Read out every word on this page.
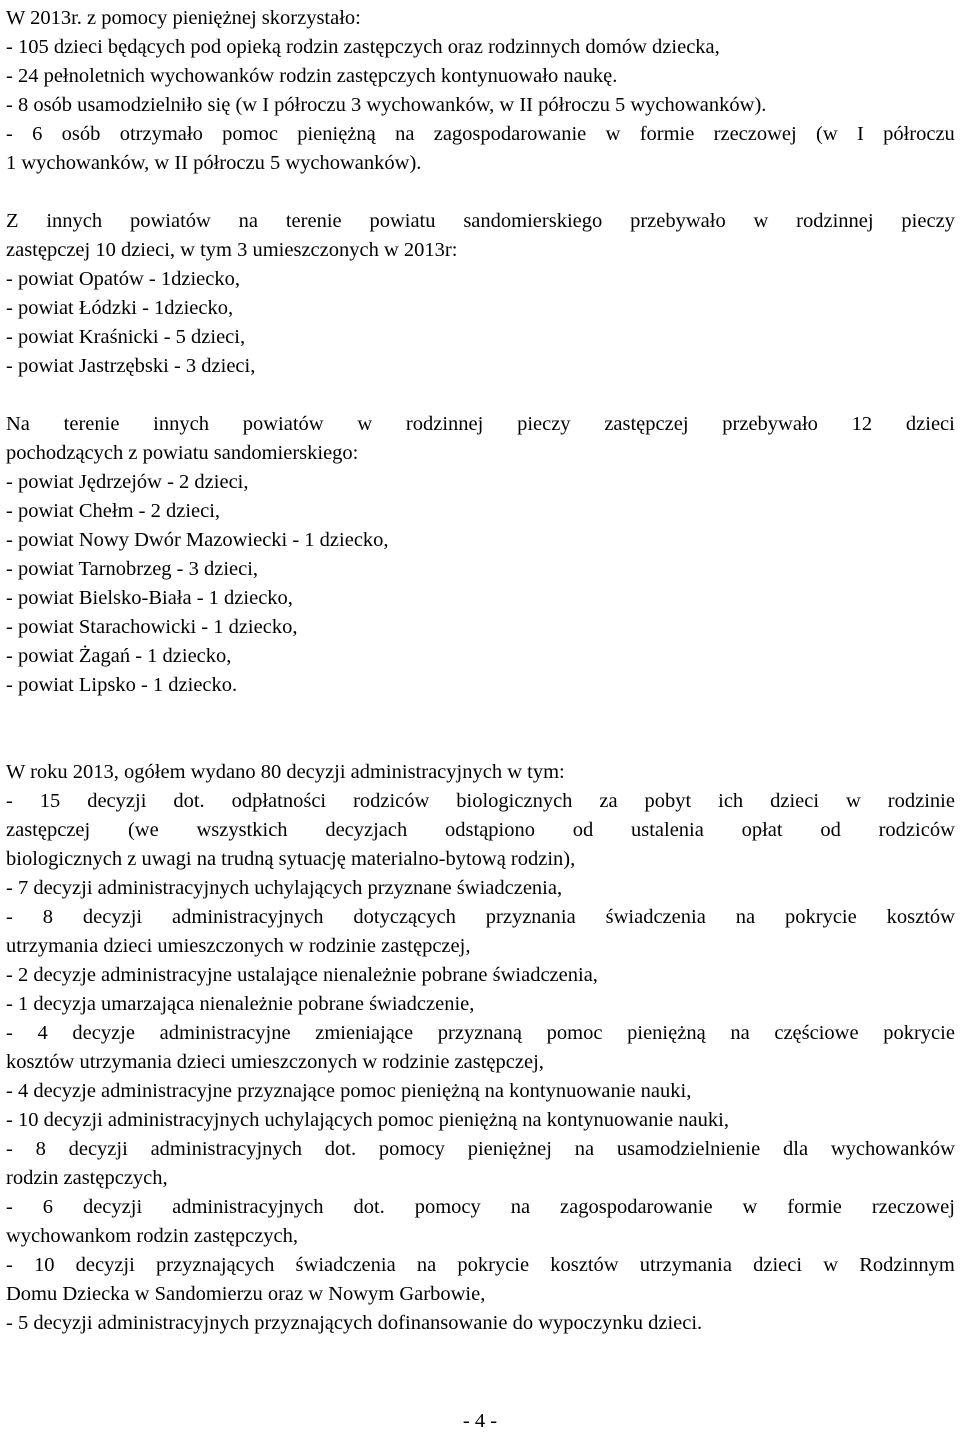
W 2013r. z pomocy pieniężnej skorzystało:
- 105 dzieci będących pod opieką rodzin zastępczych oraz rodzinnych domów dziecka,
- 24 pełnoletnich wychowanków rodzin zastępczych kontynuowało naukę.
- 8 osób usamodzielniło się (w I półroczu 3 wychowanków, w II półroczu 5 wychowanków).
- 6 osób otrzymało pomoc pieniężną na zagospodarowanie w formie rzeczowej (w I półroczu
1 wychowanków, w II półroczu 5 wychowanków).
Z innych powiatów na terenie powiatu sandomierskiego przebywało w rodzinnej pieczy
zastępczej 10 dzieci, w tym 3 umieszczonych w 2013r:
- powiat Opatów - 1dziecko,
- powiat Łódzki - 1dziecko,
- powiat Kraśnicki - 5 dzieci,
- powiat Jastrzębski - 3 dzieci,
Na terenie innych powiatów w rodzinnej pieczy zastępczej przebywało 12 dzieci
pochodzących z powiatu sandomierskiego:
- powiat Jędrzejów - 2 dzieci,
- powiat Chełm - 2 dzieci,
- powiat Nowy Dwór Mazowiecki - 1 dziecko,
- powiat Tarnobrzeg - 3 dzieci,
- powiat Bielsko-Biała - 1 dziecko,
- powiat Starachowicki - 1 dziecko,
- powiat Żagań - 1 dziecko,
- powiat Lipsko - 1 dziecko.
W roku 2013, ogółem wydano 80 decyzji administracyjnych w tym:
- 15 decyzji dot. odpłatności rodziców biologicznych za pobyt ich dzieci w rodzinie
zastępczej (we wszystkich decyzjach odstąpiono od ustalenia opłat od rodziców
biologicznych z uwagi na trudną sytuację materialno-bytową rodzin),
- 7 decyzji administracyjnych uchylających przyznane świadczenia,
- 8 decyzji administracyjnych dotyczących przyznania świadczenia na pokrycie kosztów
utrzymania dzieci umieszczonych w rodzinie zastępczej,
- 2 decyzje administracyjne ustalające nienależnie pobrane świadczenia,
- 1 decyzja umarzająca nienależnie pobrane świadczenie,
- 4 decyzje administracyjne zmieniające przyznaną pomoc pieniężną na częściowe pokrycie
kosztów utrzymania dzieci umieszczonych w rodzinie zastępczej,
- 4 decyzje administracyjne przyznające pomoc pieniężną na kontynuowanie nauki,
- 10 decyzji administracyjnych uchylających pomoc pieniężną na kontynuowanie nauki,
- 8 decyzji administracyjnych dot. pomocy pieniężnej na usamodzielnienie dla wychowanków
rodzin zastępczych,
- 6 decyzji administracyjnych dot. pomocy na zagospodarowanie w formie rzeczowej
wychowankom rodzin zastępczych,
- 10 decyzji przyznających świadczenia na pokrycie kosztów utrzymania dzieci w Rodzinnym
Domu Dziecka w Sandomierzu oraz w Nowym Garbowie,
- 5 decyzji administracyjnych przyznających dofinansowanie do wypoczynku dzieci.
- 4 -
